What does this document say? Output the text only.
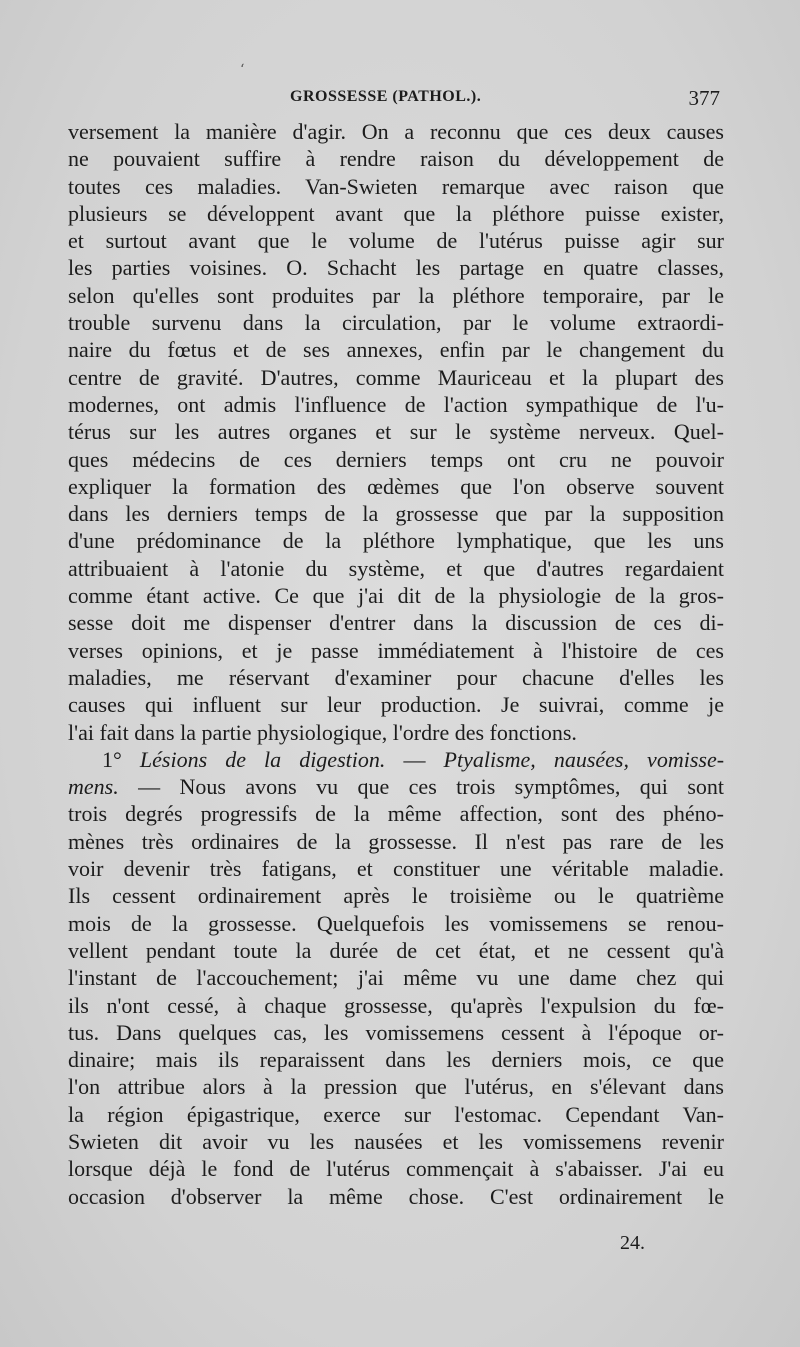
‘
GROSSESSE (PATHOL.).	377
versement la manière d'agir. On a reconnu que ces deux causes
ne pouvaient suffire à rendre raison du développement de
toutes ces maladies. Van-Swieten remarque avec raison que
plusieurs se développent avant que la pléthore puisse exister,
et surtout avant que le volume de l'utérus puisse agir sur
les parties voisines. O. Schacht les partage en quatre classes,
selon qu'elles sont produites par la pléthore temporaire, par le
trouble survenu dans la circulation, par le volume extraordi-
naire du fœtus et de ses annexes, enfin par le changement du
centre de gravité. D'autres, comme Mauriceau et la plupart des
modernes, ont admis l'influence de l'action sympathique de l'u-
térus sur les autres organes et sur le système nerveux. Quel-
ques médecins de ces derniers temps ont cru ne pouvoir
expliquer la formation des œdèmes que l'on observe souvent
dans les derniers temps de la grossesse que par la supposition
d'une prédominance de la pléthore lymphatique, que les uns
attribuaient à l'atonie du système, et que d'autres regardaient
comme étant active. Ce que j'ai dit de la physiologie de la gros-
sesse doit me dispenser d'entrer dans la discussion de ces di-
verses opinions, et je passe immédiatement à l'histoire de ces
maladies, me réservant d'examiner pour chacune d'elles les
causes qui influent sur leur production. Je suivrai, comme je
l'ai fait dans la partie physiologique, l'ordre des fonctions.
1° Lésions de la digestion. — Ptyalisme, nausées, vomisse-
mens. — Nous avons vu que ces trois symptômes, qui sont
trois degrés progressifs de la même affection, sont des phéno-
mènes très ordinaires de la grossesse. Il n'est pas rare de les
voir devenir très fatigans, et constituer une véritable maladie.
Ils cessent ordinairement après le troisième ou le quatrième
mois de la grossesse. Quelquefois les vomissemens se renou-
vellent pendant toute la durée de cet état, et ne cessent qu'à
l'instant de l'accouchement; j'ai même vu une dame chez qui
ils n'ont cessé, à chaque grossesse, qu'après l'expulsion du fœ-
tus. Dans quelques cas, les vomissemens cessent à l'époque or-
dinaire; mais ils reparaissent dans les derniers mois, ce que
l'on attribue alors à la pression que l'utérus, en s'élevant dans
la région épigastrique, exerce sur l'estomac. Cependant Van-
Swieten dit avoir vu les nausées et les vomissemens revenir
lorsque déjà le fond de l'utérus commençait à s'abaisser. J'ai eu
occasion d'observer la même chose. C'est ordinairement le
24.
